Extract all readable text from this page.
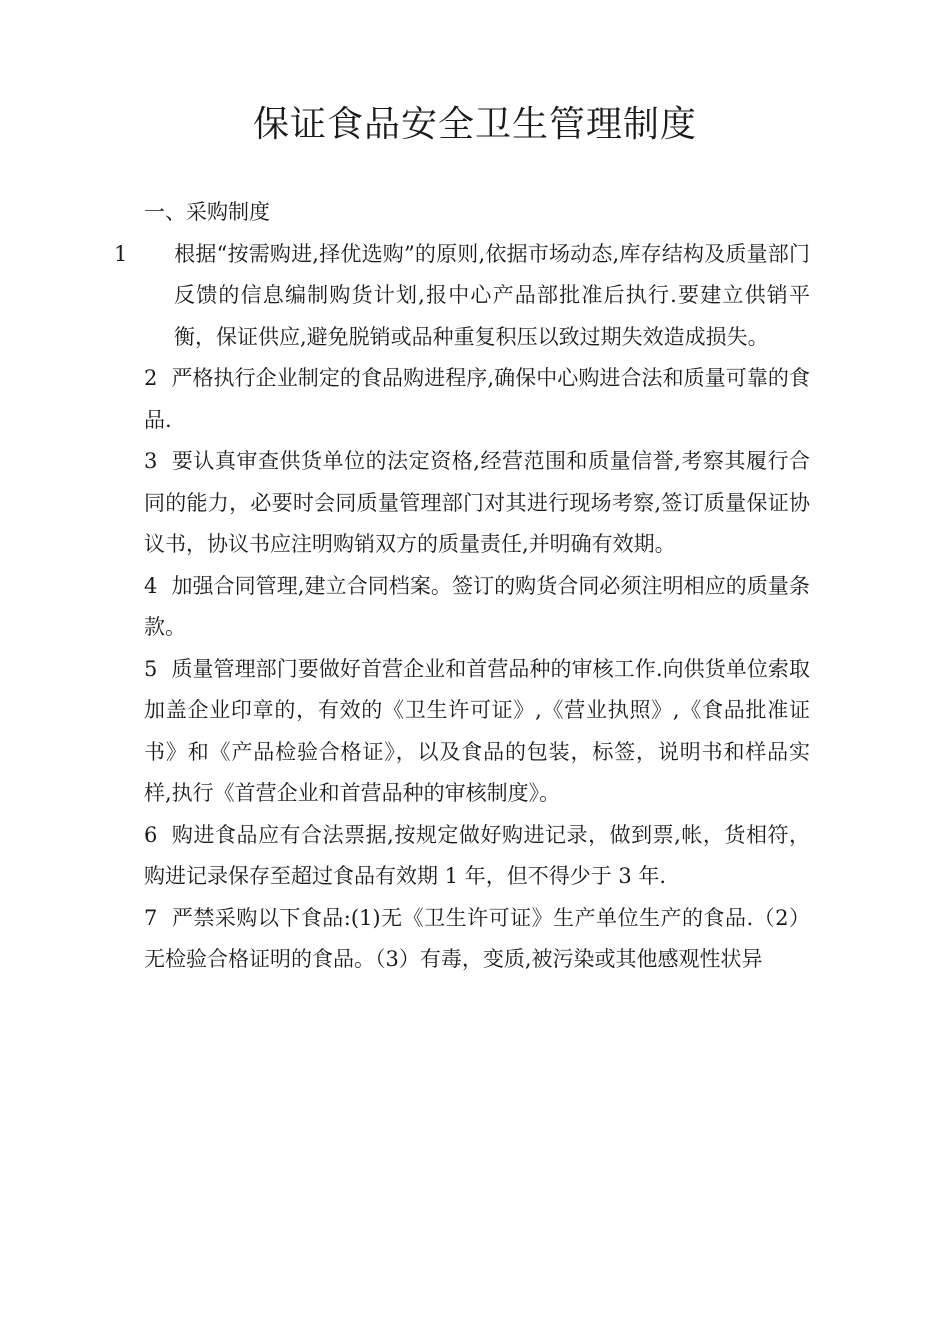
保证食品安全卫生管理制度

一、采购制度

1 根据“按需购进,择优选购”的原则,依据市场动态,库存结构及质量部门反馈的信息编制购货计划,报中心产品部批准后执行.要建立供销平衡，保证供应,避免脱销或品种重复积压以致过期失效造成损失。

2 严格执行企业制定的食品购进程序,确保中心购进合法和质量可靠的食品.

3 要认真审查供货单位的法定资格,经营范围和质量信誉,考察其履行合同的能力，必要时会同质量管理部门对其进行现场考察,签订质量保证协议书，协议书应注明购销双方的质量责任,并明确有效期。

4 加强合同管理,建立合同档案。签订的购货合同必须注明相应的质量条款。

5 质量管理部门要做好首营企业和首营品种的审核工作.向供货单位索取加盖企业印章的，有效的《卫生许可证》,《营业执照》,《食品批准证书》和《产品检验合格证》，以及食品的包装，标签，说明书和样品实样,执行《首营企业和首营品种的审核制度》。

6 购进食品应有合法票据,按规定做好购进记录，做到票,帐，货相符，购进记录保存至超过食品有效期 1 年，但不得少于 3 年.

7 严禁采购以下食品:(1)无《卫生许可证》生产单位生产的食品.（2）无检验合格证明的食品。（3）有毒，变质,被污染或其他感观性状异
